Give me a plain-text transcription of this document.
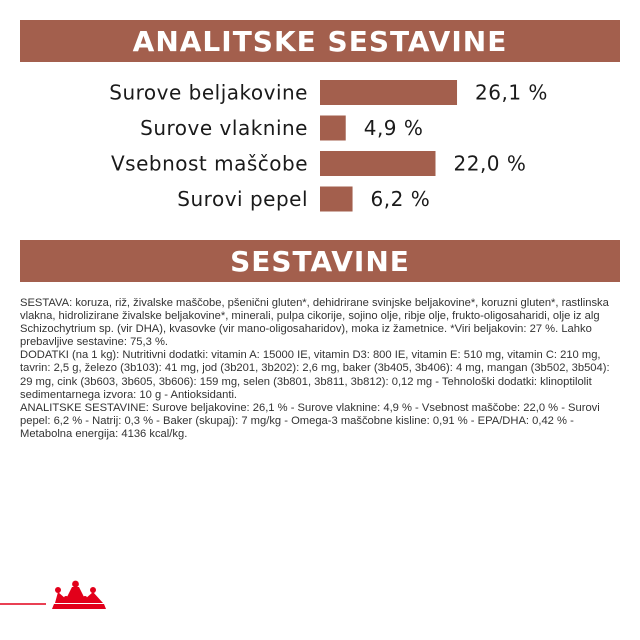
ANALITSKE SESTAVINE
Surove beljakovine	26,1 %
Surove vlaknine	4,9 %
Vsebnost maščobe	22,0 %
Surovi pepel	6,2 %
SESTAVINE

SESTAVA: koruza, riž, živalske maščobe, pšenični gluten*, dehidrirane svinjske beljakovine*, koruzni gluten*, rastlinska vlakna, hidrolizirane živalske beljakovine*, minerali, pulpa cikorije, sojino olje, ribje olje, frukto-oligosaharidi, olje iz alg Schizochytrium sp. (vir DHA), kvasovke (vir mano-oligosaharidov), moka iz žametnice. *Viri beljakovin: 27 %. Lahko prebavljive sestavine: 75,3 %.

DODATKI (na 1 kg): Nutritivni dodatki: vitamin A: 15000 IE, vitamin D3: 800 IE, vitamin E: 510 mg, vitamin C: 210 mg, tavrin: 2,5 g, železo (3b103): 41 mg, jod (3b201, 3b202): 2,6 mg, baker (3b405, 3b406): 4 mg, mangan (3b502, 3b504): 29 mg, cink (3b603, 3b605, 3b606): 159 mg, selen (3b801, 3b811, 3b812): 0,12 mg - Tehnološki dodatki: klinoptilolit sedimentarnega izvora: 10 g - Antioksidanti.

ANALITSKE SESTAVINE: Surove beljakovine: 26,1 % - Surove vlaknine: 4,9 % - Vsebnost maščobe: 22,0 % - Surovi pepel: 6,2 % - Natrij: 0,3 % - Baker (skupaj): 7 mg/kg - Omega-3 maščobne kisline: 0,91 % - EPA/DHA: 0,42 % - Metabolna energija: 4136 kcal/kg.
